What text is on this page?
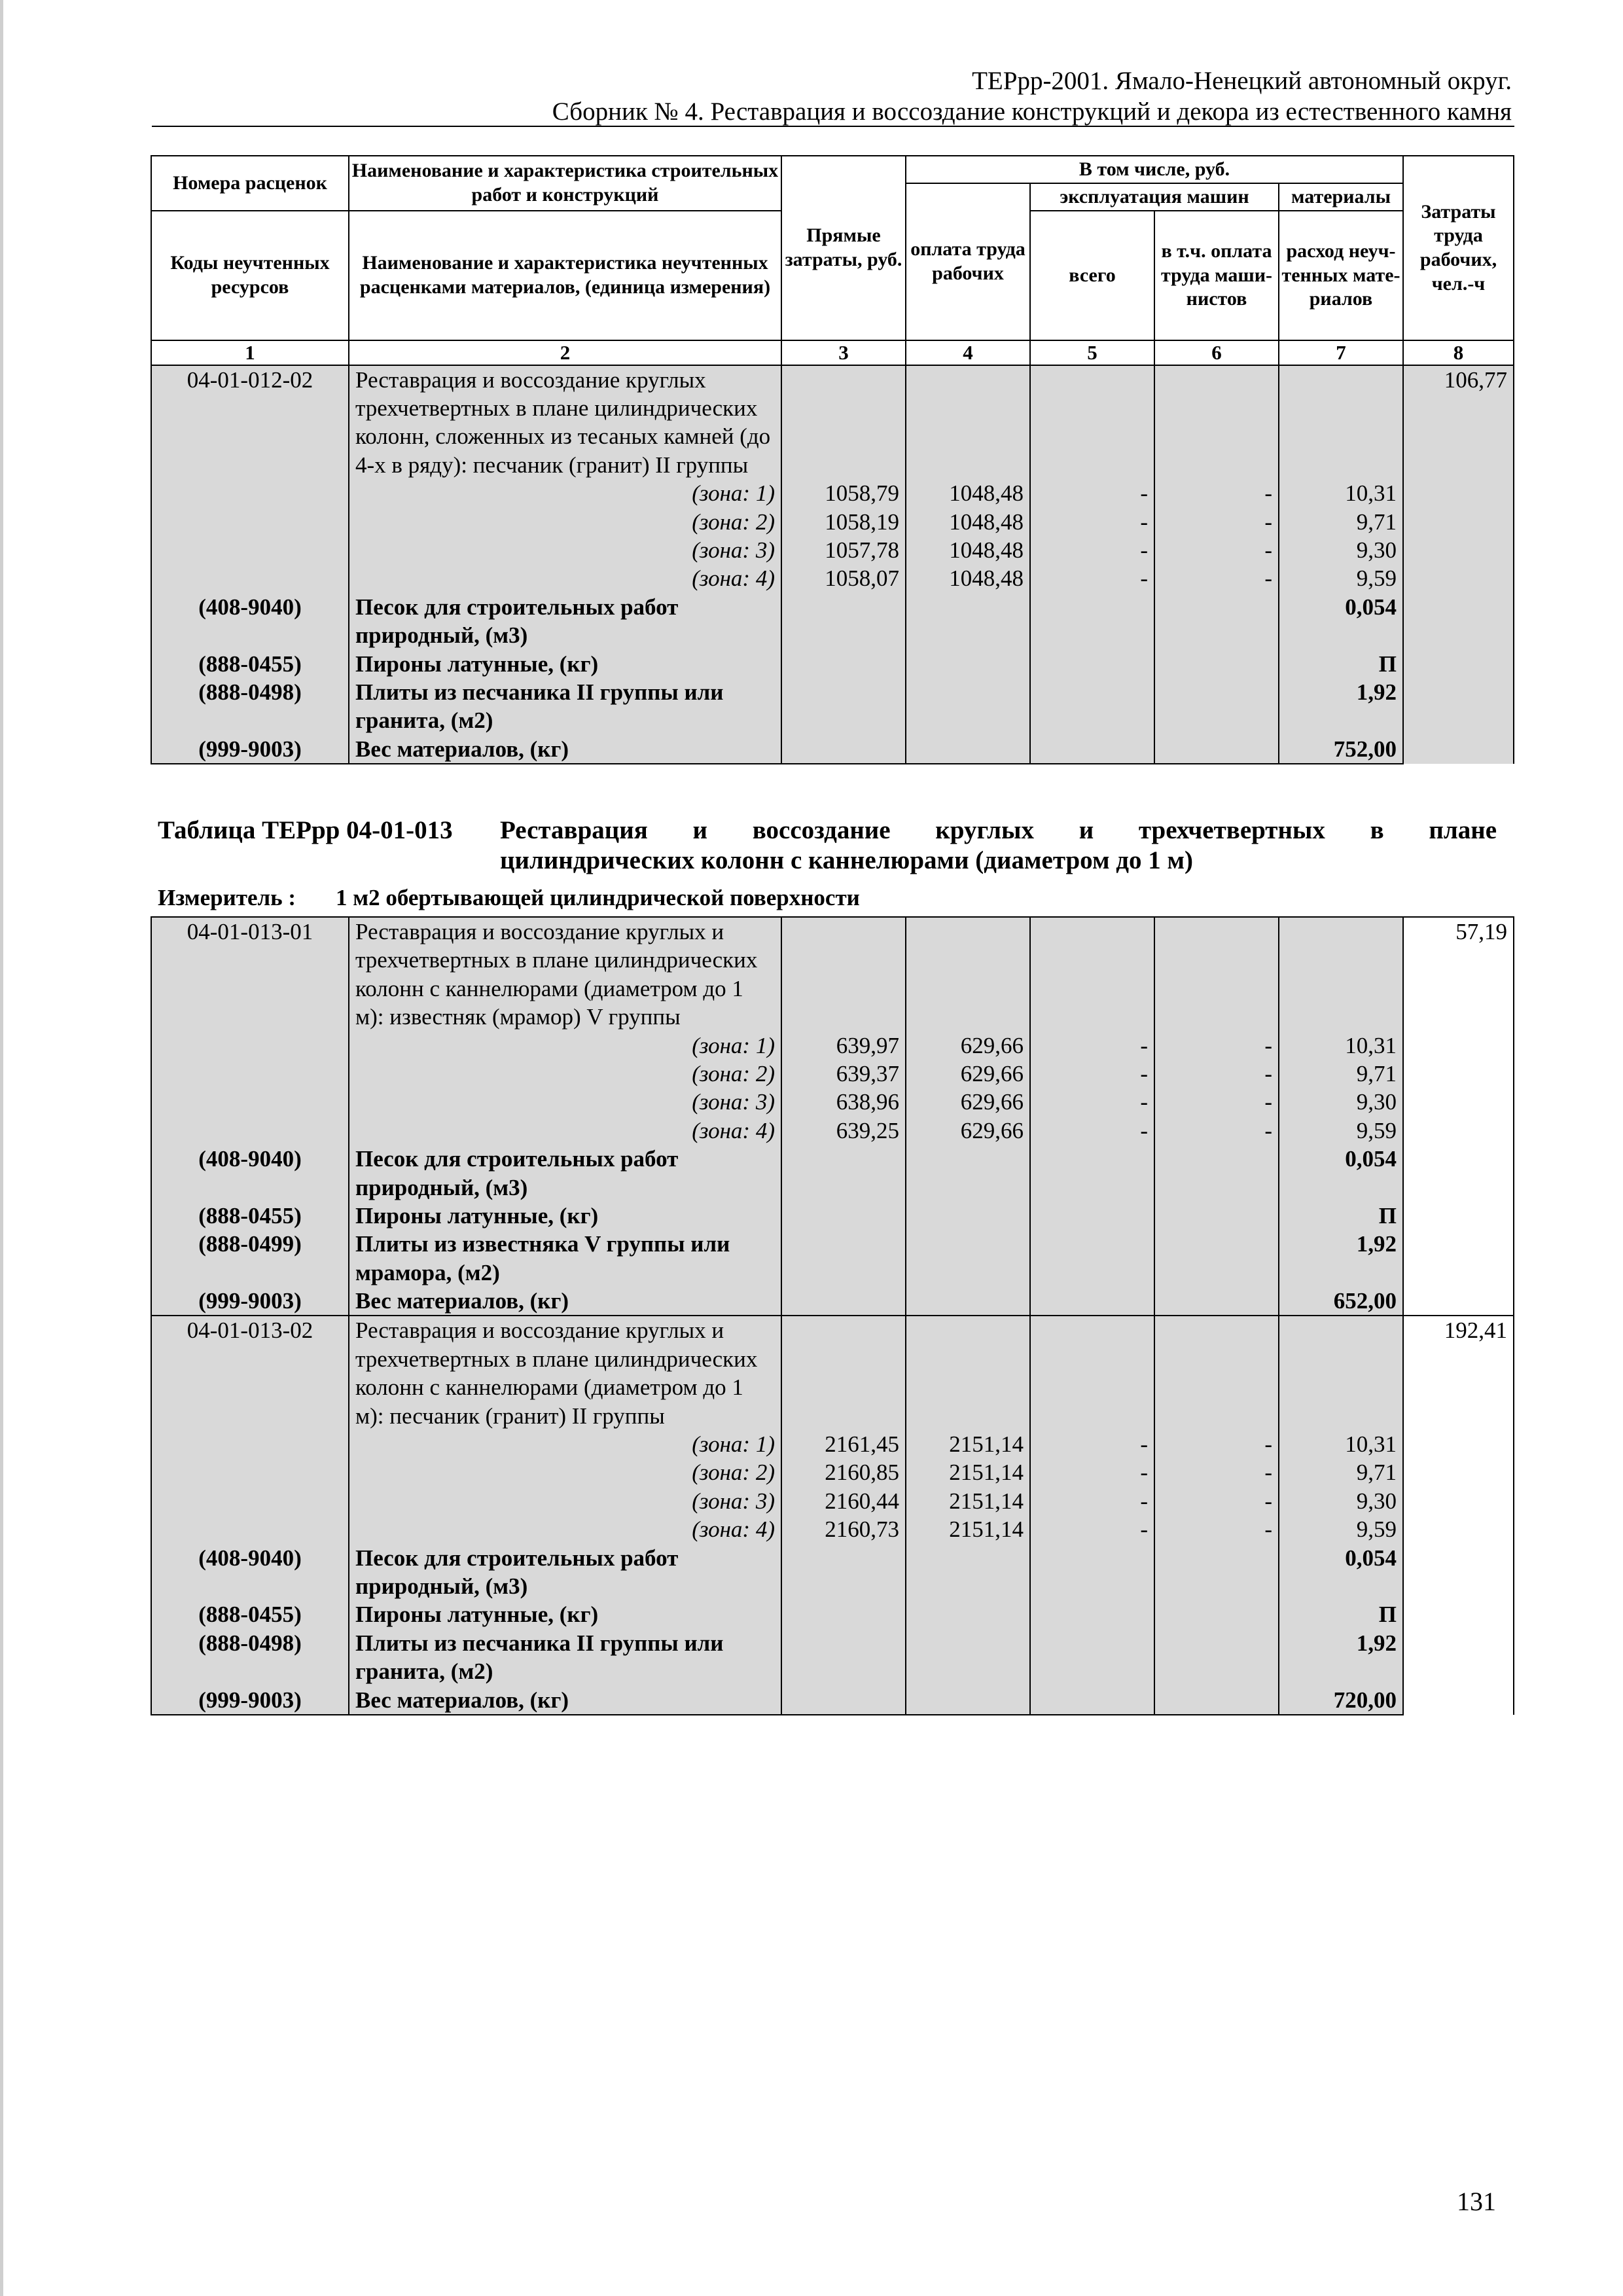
ТЕРрр-2001. Ямало-Ненецкий автономный округ.
Сборник № 4. Реставрация и воссоздание конструкций и декора из естественного камня
Номера расценок	Наименование и характеристика строительных работ и конструкций	Прямые затраты, руб.	В том числе, руб.				Затраты труда рабочих, чел.-ч
			оплата труда рабочих	эксплуатация машин		материалы	
Коды неучтенных ресурсов	Наименование и характеристика неучтенных расценками материалов, (единица измерения)			всего	в т.ч. оплата труда маши-нистов	расход неуч-тенных мате-риалов	

1	2	3	4	5	6	7	8
04-01-012-02	Реставрация и воссоздание круглых трехчетвертных в плане цилиндрических колонн, сложенных из тесаных камней (до 4-х в ряду): песчаник (гранит) II группы						106,77
	(зона: 1)	1058,79	1048,48	-	-	10,31	
	(зона: 2)	1058,19	1048,48	-	-	9,71	
	(зона: 3)	1057,78	1048,48	-	-	9,30	
	(зона: 4)	1058,07	1048,48	-	-	9,59	
(408-9040)	Песок для строительных работ природный, (м3)					0,054	
(888-0455)	Пироны латунные, (кг)					П	
(888-0498)	Плиты из песчаника II группы или гранита, (м2)					1,92	
(999-9003)	Вес материалов, (кг)					752,00	
Таблица ТЕРрр 04-01-013 Реставрация и воссоздание круглых и трехчетвертных в плане
цилиндрических колонн с каннелюрами (диаметром до 1 м)
Измеритель : 1 м2 обертывающей цилиндрической поверхности
04-01-013-01	Реставрация и воссоздание круглых и трехчетвертных в плане цилиндрических колонн с каннелюрами (диаметром до 1 м): известняк (мрамор) V группы						57,19
	(зона: 1)	639,97	629,66	-	-	10,31	
	(зона: 2)	639,37	629,66	-	-	9,71	
	(зона: 3)	638,96	629,66	-	-	9,30	
	(зона: 4)	639,25	629,66	-	-	9,59	
(408-9040)	Песок для строительных работ природный, (м3)					0,054	
(888-0455)	Пироны латунные, (кг)					П	
(888-0499)	Плиты из известняка V группы или мрамора, (м2)					1,92	
(999-9003)	Вес материалов, (кг)					652,00	
04-01-013-02	Реставрация и воссоздание круглых и трехчетвертных в плане цилиндрических колонн с каннелюрами (диаметром до 1 м): песчаник (гранит) II группы						192,41
	(зона: 1)	2161,45	2151,14	-	-	10,31	
	(зона: 2)	2160,85	2151,14	-	-	9,71	
	(зона: 3)	2160,44	2151,14	-	-	9,30	
	(зона: 4)	2160,73	2151,14	-	-	9,59	
(408-9040)	Песок для строительных работ природный, (м3)					0,054	
(888-0455)	Пироны латунные, (кг)					П	
(888-0498)	Плиты из песчаника II группы или гранита, (м2)					1,92	
(999-9003)	Вес материалов, (кг)					720,00	
131
